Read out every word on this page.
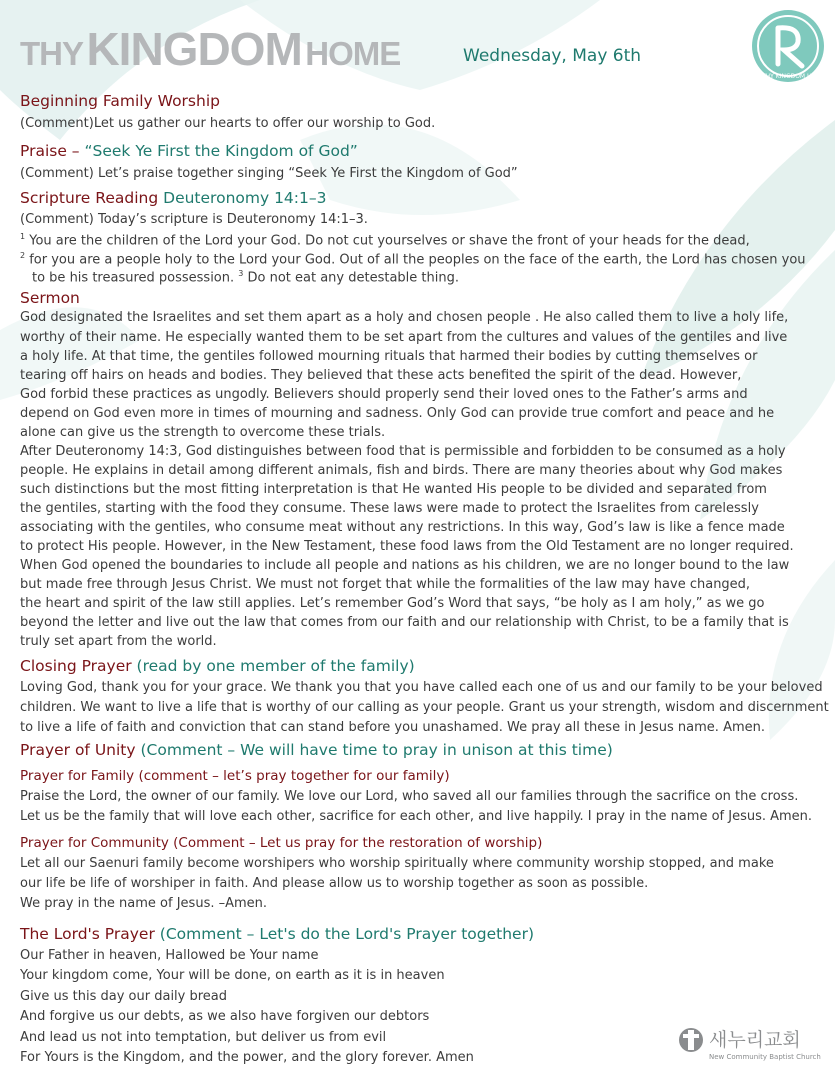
THY KINGDOM HOME	Wednesday, May 6th
THY KINGDOM HOME
Beginning Family Worship
(Comment)Let us gather our hearts to offer our worship to God.
Praise – “Seek Ye First the Kingdom of God”
(Comment) Let’s praise together singing “Seek Ye First the Kingdom of God”
Scripture Reading Deuteronomy 14:1–3
(Comment) Today’s scripture is Deuteronomy 14:1–3.
$^1$ You are the children of the Lord your God. Do not cut yourselves or shave the front of your heads for the dead,
$^2$ for you are a people holy to the Lord your God. Out of all the peoples on the face of the earth, the Lord has chosen you
to be his treasured possession. $^3$ Do not eat any detestable thing.
Sermon
God designated the Israelites and set them apart as a holy and chosen people . He also called them to live a holy life,
worthy of their name. He especially wanted them to be set apart from the cultures and values of the gentiles and live
a holy life. At that time, the gentiles followed mourning rituals that harmed their bodies by cutting themselves or
tearing off hairs on heads and bodies. They believed that these acts benefited the spirit of the dead. However,
God forbid these practices as ungodly. Believers should properly send their loved ones to the Father’s arms and
depend on God even more in times of mourning and sadness. Only God can provide true comfort and peace and he
alone can give us the strength to overcome these trials.
After Deuteronomy 14:3, God distinguishes between food that is permissible and forbidden to be consumed as a holy
people. He explains in detail among different animals, fish and birds. There are many theories about why God makes
such distinctions but the most fitting interpretation is that He wanted His people to be divided and separated from
the gentiles, starting with the food they consume. These laws were made to protect the Israelites from carelessly
associating with the gentiles, who consume meat without any restrictions. In this way, God’s law is like a fence made
to protect His people. However, in the New Testament, these food laws from the Old Testament are no longer required.
When God opened the boundaries to include all people and nations as his children, we are no longer bound to the law
but made free through Jesus Christ. We must not forget that while the formalities of the law may have changed,
the heart and spirit of the law still applies. Let’s remember God’s Word that says, “be holy as I am holy,” as we go
beyond the letter and live out the law that comes from our faith and our relationship with Christ, to be a family that is
truly set apart from the world.
Closing Prayer (read by one member of the family)
Loving God, thank you for your grace. We thank you that you have called each one of us and our family to be your beloved
children. We want to live a life that is worthy of our calling as your people. Grant us your strength, wisdom and discernment
to live a life of faith and conviction that can stand before you unashamed. We pray all these in Jesus name. Amen.
Prayer of Unity (Comment – We will have time to pray in unison at this time)
Prayer for Family (comment – let’s pray together for our family)
Praise the Lord, the owner of our family. We love our Lord, who saved all our families through the sacrifice on the cross.
Let us be the family that will love each other, sacrifice for each other, and live happily. I pray in the name of Jesus. Amen.
Prayer for Community (Comment – Let us pray for the restoration of worship)
Let all our Saenuri family become worshipers who worship spiritually where community worship stopped, and make
our life be life of worshiper in faith. And please allow us to worship together as soon as possible.
We pray in the name of Jesus. –Amen.
The Lord's Prayer (Comment – Let's do the Lord's Prayer together)
Our Father in heaven, Hallowed be Your name
Your kingdom come, Your will be done, on earth as it is in heaven
Give us this day our daily bread
And forgive us our debts, as we also have forgiven our debtors
And lead us not into temptation, but deliver us from evil
For Yours is the Kingdom, and the power, and the glory forever. Amen
새누리교회
New Community Baptist Church
